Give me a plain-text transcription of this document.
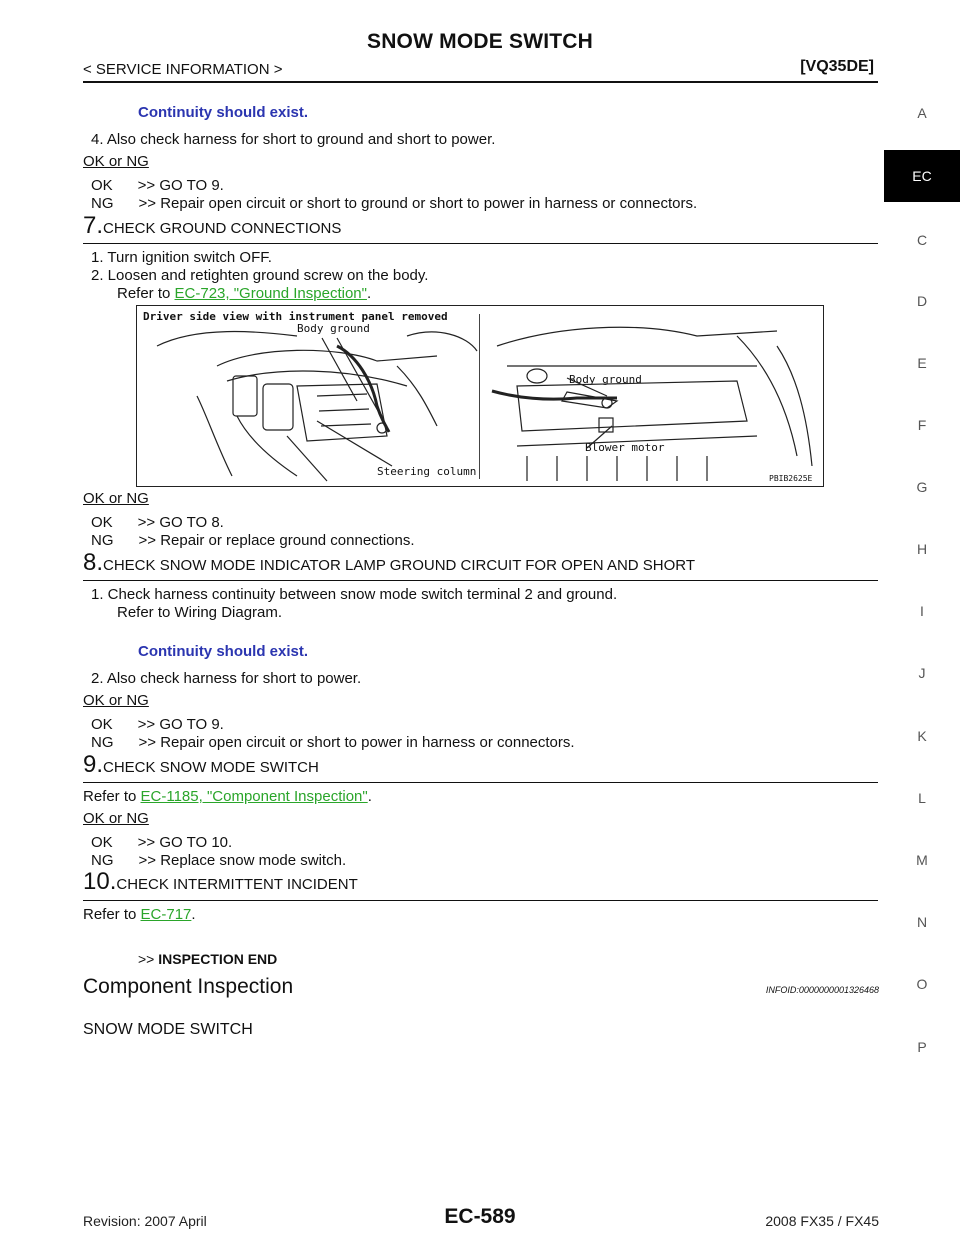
SNOW MODE SWITCH
< SERVICE INFORMATION >	[VQ35DE]
A
EC
C
D
E
F
G
H
I
J
K
L
M
N
O
P
Continuity should exist.
4. Also check harness for short to ground and short to power.
OK or NG
OK      >> GO TO 9.
NG      >> Repair open circuit or short to ground or short to power in harness or connectors.
7.CHECK GROUND CONNECTIONS
1. Turn ignition switch OFF.
2. Loosen and retighten ground screw on the body.
Refer to EC-723, "Ground Inspection".
Driver side view with instrument panel removed
Body ground
Steering column
Body ground
Blower motor
PBIB2625E
OK or NG
OK      >> GO TO 8.
NG      >> Repair or replace ground connections.
8.CHECK SNOW MODE INDICATOR LAMP GROUND CIRCUIT FOR OPEN AND SHORT
1. Check harness continuity between snow mode switch terminal 2 and ground.
Refer to Wiring Diagram.
Continuity should exist.
2. Also check harness for short to power.
OK or NG
OK      >> GO TO 9.
NG      >> Repair open circuit or short to power in harness or connectors.
9.CHECK SNOW MODE SWITCH
Refer to EC-1185, "Component Inspection".
OK or NG
OK      >> GO TO 10.
NG      >> Replace snow mode switch.
10.CHECK INTERMITTENT INCIDENT
Refer to EC-717.
>> INSPECTION END
Component Inspection	INFOID:0000000001326468
SNOW MODE SWITCH
Revision: 2007 April	EC-589	2008 FX35 / FX45
